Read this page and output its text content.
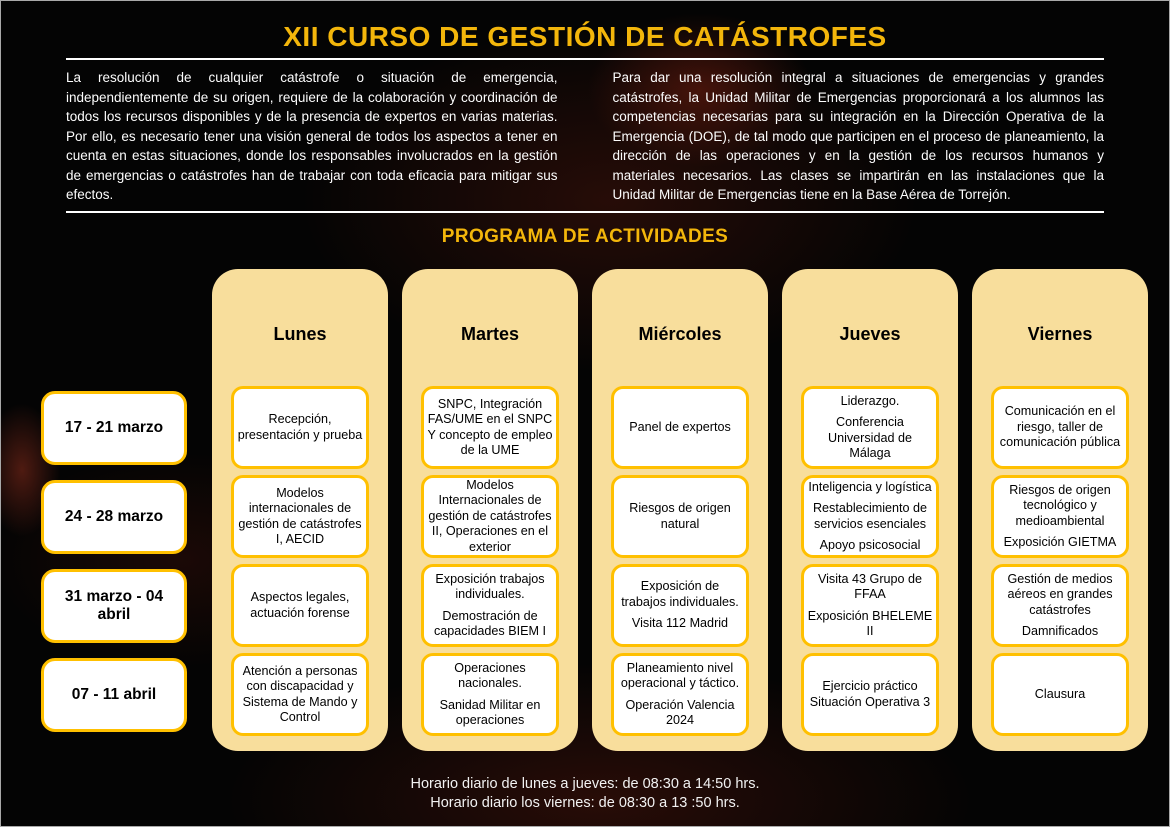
XII CURSO DE GESTIÓN DE CATÁSTROFES

La resolución de cualquier catástrofe o situación de emergencia, independientemente de su origen, requiere de la colaboración y coordinación de todos los recursos disponibles y de la presencia de expertos en varias materias. Por ello, es necesario tener una visión general de todos los aspectos a tener en cuenta en estas situaciones, donde los responsables involucrados en la gestión de emergencias o catástrofes han de trabajar con toda eficacia para mitigar sus efectos.

Para dar una resolución integral a situaciones de emergencias y grandes catástrofes, la Unidad Militar de Emergencias proporcionará a los alumnos las competencias necesarias para su integración en la Dirección Operativa de la Emergencia (DOE), de tal modo que participen en el proceso de planeamiento, la dirección de las operaciones y en la gestión de los recursos humanos y materiales necesarios. Las clases se impartirán en las instalaciones que la Unidad Militar de Emergencias tiene en la Base Aérea de Torrejón.

PROGRAMA DE ACTIVIDADES
17 - 21 marzo
24 - 28 marzo
31 marzo - 04 abril
07 - 11 abril
Lunes

Recepción, presentación y prueba

Modelos internacionales de gestión de catástrofes I, AECID

Aspectos legales, actuación forense

Atención a personas con discapacidad y Sistema de Mando y Control

Martes

SNPC, Integración FAS/UME en el SNPC Y concepto de empleo de la UME

Modelos Internacionales de gestión de catástrofes II, Operaciones en el exterior

Exposición trabajos individuales.

Demostración de capacidades BIEM I

Operaciones nacionales.

Sanidad Militar en operaciones

Miércoles

Panel de expertos

Riesgos de origen natural

Exposición de trabajos individuales.

Visita 112 Madrid

Planeamiento nivel operacional y táctico.

Operación Valencia 2024

Jueves

Liderazgo.

Conferencia Universidad de Málaga

Inteligencia y logística

Restablecimiento de servicios esenciales

Apoyo psicosocial

Visita 43 Grupo de FFAA

Exposición BHELEME II

Ejercicio práctico Situación Operativa 3

Viernes

Comunicación en el riesgo, taller de comunicación pública

Riesgos de origen tecnológico y medioambiental

Exposición GIETMA

Gestión de medios aéreos en grandes catástrofes

Damnificados

Clausura

Horario diario de lunes a jueves: de 08:30 a 14:50 hrs.
Horario diario los viernes: de 08:30 a 13 :50 hrs.
